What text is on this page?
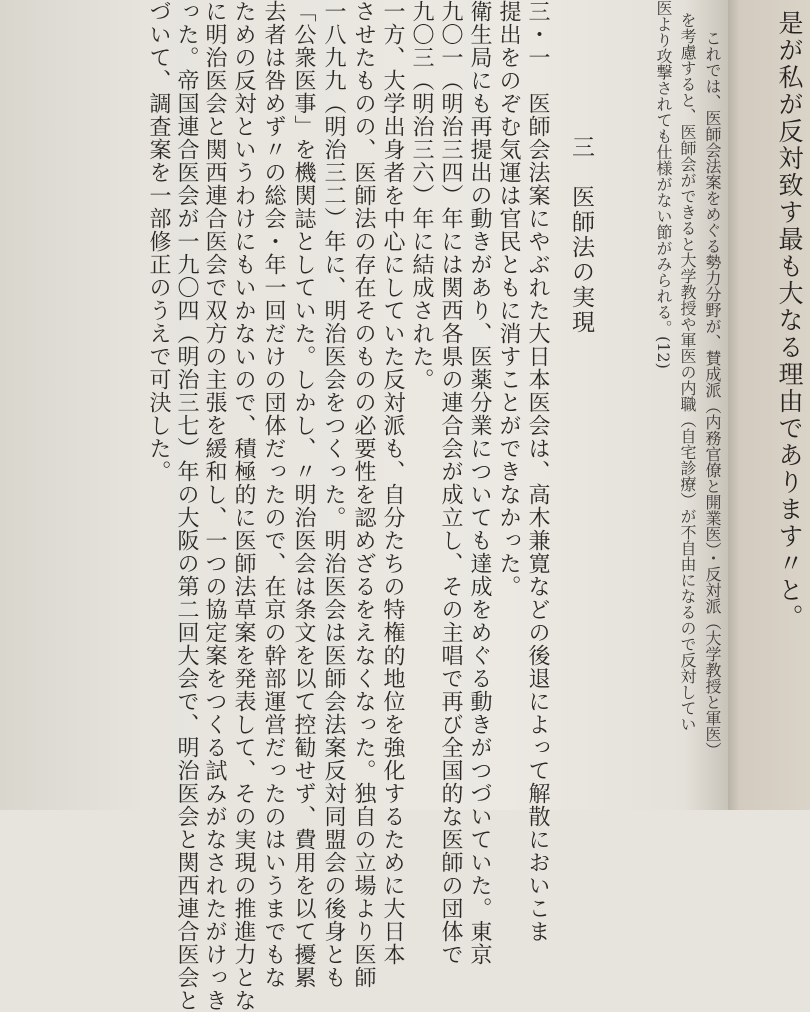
三　医師法の実現	これでは、医師会法案をめぐる勢力分野が、賛成派（内務官僚と開業医）・反対派（大学教授と軍医）
を考慮すると、医師会ができると大学教授や軍医の内職（自宅診療）が不自由になるので反対してい
医より攻撃されても仕様がない節がみられる。(12)
三・一　医師会法案にやぶれた大日本医会は、高木兼寛などの後退によって解散においこま
提出をのぞむ気運は官民ともに消すことができなかった。
衛生局にも再提出の動きがあり、医薬分業についても達成をめぐる動きがつづいていた。東京
九〇一（明治三四）年には関西各県の連合会が成立し、その主唱で再び全国的な医師の団体で
九〇三（明治三六）年に結成された。
一方、大学出身者を中心にしていた反対派も、自分たちの特権的地位を強化するために大日本
させたものの、医師法の存在そのものの必要性を認めざるをえなくなった。独自の立場より医師
一八九九（明治三二）年に、明治医会をつくった。明治医会は医師会法案反対同盟会の後身とも
「公衆医事」を機関誌としていた。しかし、〃明治医会は条文を以て控勧せず、費用を以て擾累
去者は咎めず〃の総会・年一回だけの団体だったので、在京の幹部運営だったのはいうまでもな
ための反対というわけにもいかないので、積極的に医師法草案を発表して、その実現の推進力とな
に明治医会と関西連合医会で双方の主張を緩和し、一つの協定案をつくる試みがなされたがけっき
った。帝国連合医会が一九〇四（明治三七）年の大阪の第二回大会で、明治医会と関西連合医会と
づいて、調査案を一部修正のうえで可決した。	是が私が反対致す最も大なる理由であります〃と。
